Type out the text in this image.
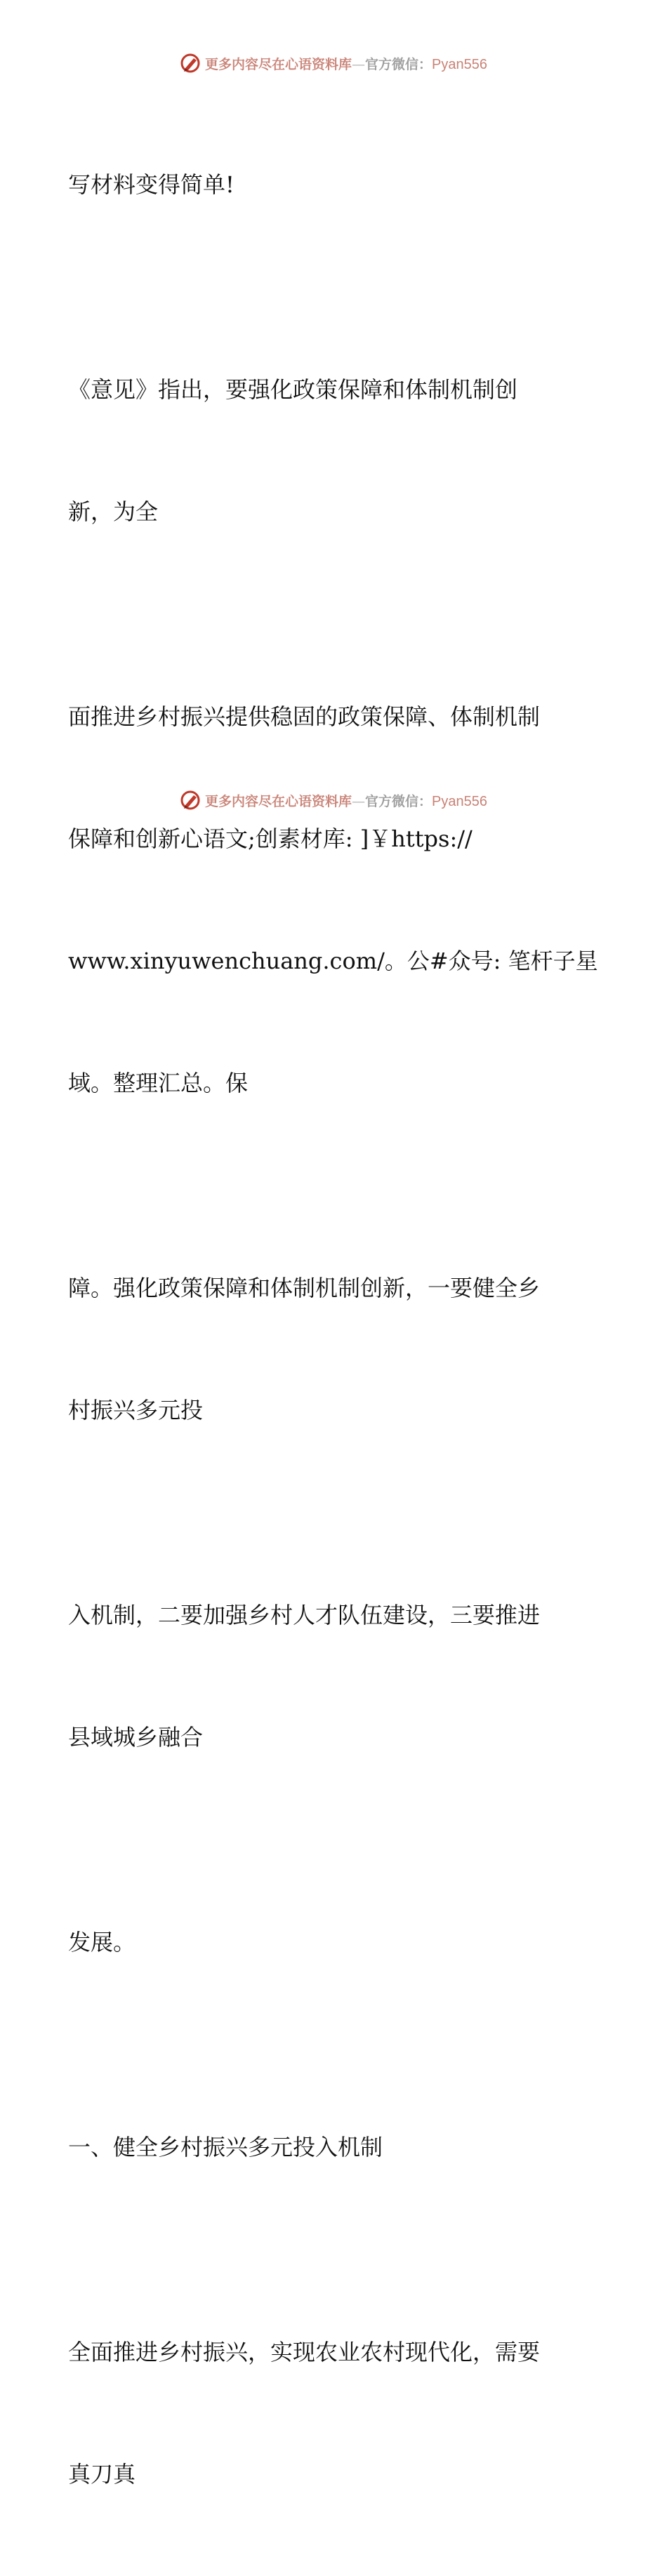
更多内容尽在心语资料库—官方微信：Pyan556

写材料变得简单!

《意见》指出，要强化政策保障和体制机制创

新，为全

面推进乡村振兴提供稳固的政策保障、体制机制

保障和创新心语文;创素材库: ]￥https://

www.xinyuwenchuang.com/。公#众号: 笔杆子星

域。整理汇总。保

障。强化政策保障和体制机制创新，一要健全乡

村振兴多元投

入机制，二要加强乡村人才队伍建设，三要推进

县域城乡融合

发展。

一、健全乡村振兴多元投入机制

全面推进乡村振兴，实现农业农村现代化，需要

真刀真

更多内容尽在心语资料库—官方微信：Pyan556
